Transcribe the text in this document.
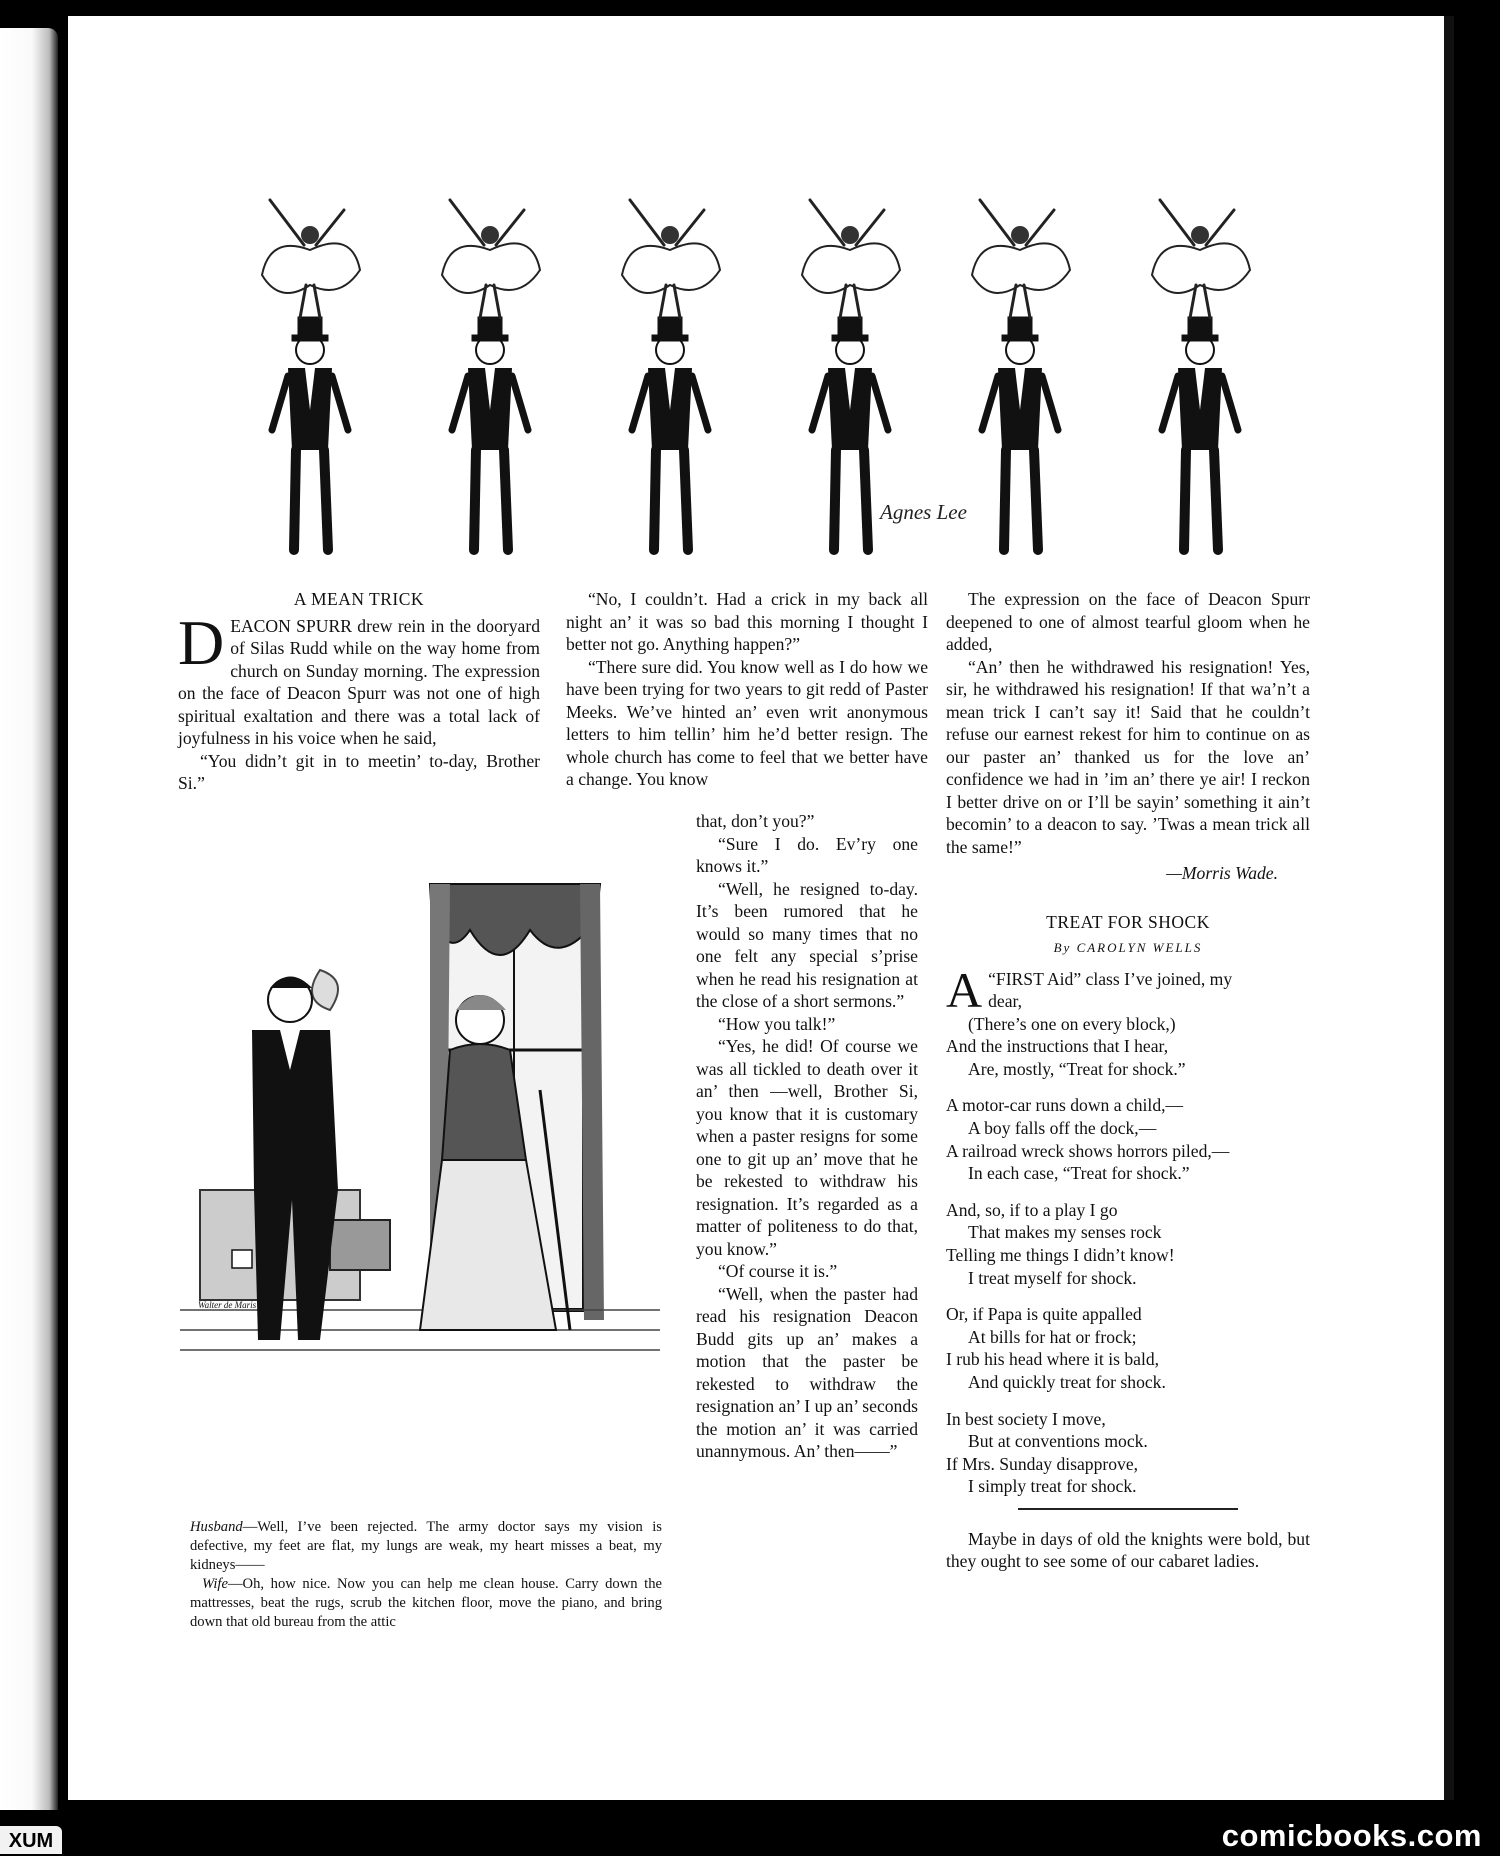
Agnes Lee
A MEAN TRICK

DEACON SPURR drew rein in the dooryard of Silas Rudd while on the way home from church on Sunday morning. The expression on the face of Deacon Spurr was not one of high spiritual exaltation and there was a total lack of joyfulness in his voice when he said,

“You didn’t git in to meetin’ to-day, Brother Si.”

“No, I couldn’t. Had a crick in my back all night an’ it was so bad this morning I thought I better not go. Anything happen?”

“There sure did. You know well as I do how we have been trying for two years to git redd of Paster Meeks. We’ve hinted an’ even writ anonymous letters to him tellin’ him he’d better resign. The whole church has come to feel that we better have a change. You know

that, don’t you?”

“Sure I do. Ev’ry one knows it.”

“Well, he resigned to-day. It’s been rumored that he would so many times that no one felt any special s’prise when he read his resignation at the close of a short sermons.”

“How you talk!”

“Yes, he did! Of course we was all tickled to death over it an’ then —well, Brother Si, you know that it is customary when a paster resigns for some one to git up an’ move that he be rekested to withdraw his resignation. It’s regarded as a matter of politeness to do that, you know.”

“Of course it is.”

“Well, when the paster had read his resignation Deacon Budd gits up an’ makes a motion that the paster be rekested to withdraw the resignation an’ I up an’ seconds the motion an’ it was carried unannymous. An’ then——”

The expression on the face of Deacon Spurr deepened to one of almost tearful gloom when he added,

“An’ then he withdrawed his resignation! Yes, sir, he withdrawed his resignation! If that wa’n’t a mean trick I can’t say it! Said that he couldn’t refuse our earnest rekest for him to continue on as our paster an’ thanked us for the love an’ confidence we had in ’im an’ there ye air! I reckon I better drive on or I’ll be sayin’ something it ain’t becomin’ to a deacon to say. ’Twas a mean trick all the same!”

—Morris Wade.
TREAT FOR SHOCK
By CAROLYN WELLS
A “FIRST Aid” class I’ve joined, my
dear,
(There’s one on every block,)
And the instructions that I hear,
Are, mostly, “Treat for shock.”
A motor-car runs down a child,—
A boy falls off the dock,—
A railroad wreck shows horrors piled,—
In each case, “Treat for shock.”
And, so, if to a play I go
That makes my senses rock
Telling me things I didn’t know!
I treat myself for shock.
Or, if Papa is quite appalled
At bills for hat or frock;
I rub his head where it is bald,
And quickly treat for shock.
In best society I move,
But at conventions mock.
If Mrs. Sunday disapprove,
I simply treat for shock.

Maybe in days of old the knights were bold, but they ought to see some of our cabaret ladies.

Walter de Maris

Husband—Well, I’ve been rejected. The army doctor says my vision is defective, my feet are flat, my lungs are weak, my heart misses a beat, my kidneys——

Wife—Oh, how nice. Now you can help me clean house. Carry down the mattresses, beat the rugs, scrub the kitchen floor, move the piano, and bring down that old bureau from the attic

XUM	comicbooks.com
